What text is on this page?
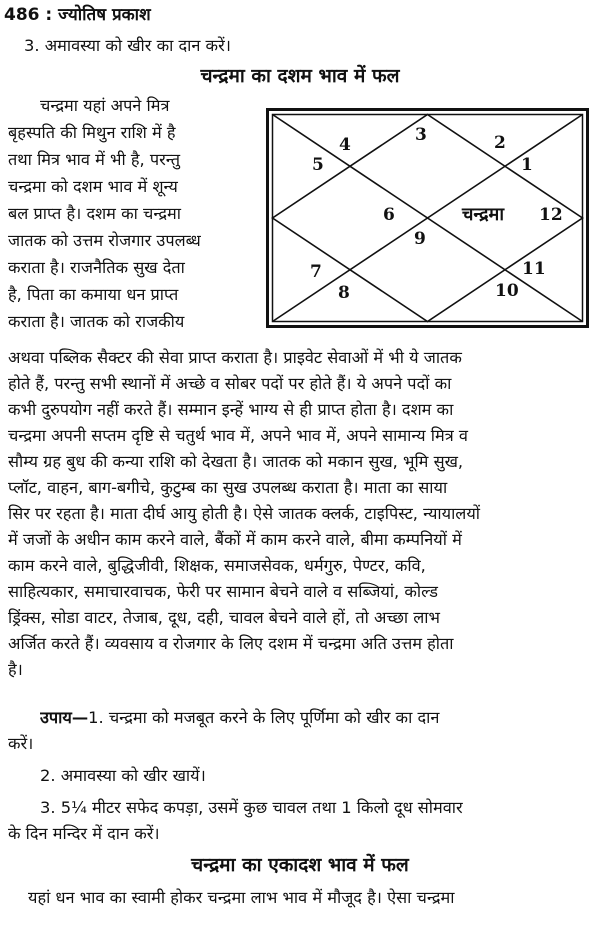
486 : ज्योतिष प्रकाश
3. अमावस्या को खीर का दान करें।
चन्द्रमा का दशम भाव में फल
चन्द्रमा यहां अपने मित्र
बृहस्पति की मिथुन राशि में है
तथा मित्र भाव में भी है, परन्तु
चन्द्रमा को दशम भाव में शून्य
बल प्राप्त है। दशम का चन्द्रमा
जातक को उत्तम रोजगार उपलब्ध
कराता है। राजनैतिक सुख देता
है, पिता का कमाया धन प्राप्त
कराता है। जातक को राजकीय
3
4
5
2
1
6
9
चन्द्रमा 12
7
8
11
10
अथवा पब्लिक सैक्टर की सेवा प्राप्त कराता है। प्राइवेट सेवाओं में भी ये जातक
होते हैं, परन्तु सभी स्थानों में अच्छे व सोबर पदों पर होते हैं। ये अपने पदों का
कभी दुरुपयोग नहीं करते हैं। सम्मान इन्हें भाग्य से ही प्राप्त होता है। दशम का
चन्द्रमा अपनी सप्तम दृष्टि से चतुर्थ भाव में, अपने भाव में, अपने सामान्य मित्र व
सौम्य ग्रह बुध की कन्या राशि को देखता है। जातक को मकान सुख, भूमि सुख,
प्लॉट, वाहन, बाग-बगीचे, कुटुम्ब का सुख उपलब्ध कराता है। माता का साया
सिर पर रहता है। माता दीर्घ आयु होती है। ऐसे जातक क्लर्क, टाइपिस्ट, न्यायालयों
में जजों के अधीन काम करने वाले, बैंकों में काम करने वाले, बीमा कम्पनियों में
काम करने वाले, बुद्धिजीवी, शिक्षक, समाजसेवक, धर्मगुरु, पेण्टर, कवि,
साहित्यकार, समाचारवाचक, फेरी पर सामान बेचने वाले व सब्जियां, कोल्ड
ड्रिंक्स, सोडा वाटर, तेजाब, दूध, दही, चावल बेचने वाले हों, तो अच्छा लाभ
अर्जित करते हैं। व्यवसाय व रोजगार के लिए दशम में चन्द्रमा अति उत्तम होता
है।
उपाय—1. चन्द्रमा को मजबूत करने के लिए पूर्णिमा को खीर का दान
करें।
2. अमावस्या को खीर खायें।
3. 5¼ मीटर सफेद कपड़ा, उसमें कुछ चावल तथा 1 किलो दूध सोमवार
के दिन मन्दिर में दान करें।
चन्द्रमा का एकादश भाव में फल
यहां धन भाव का स्वामी होकर चन्द्रमा लाभ भाव में मौजूद है। ऐसा चन्द्रमा
